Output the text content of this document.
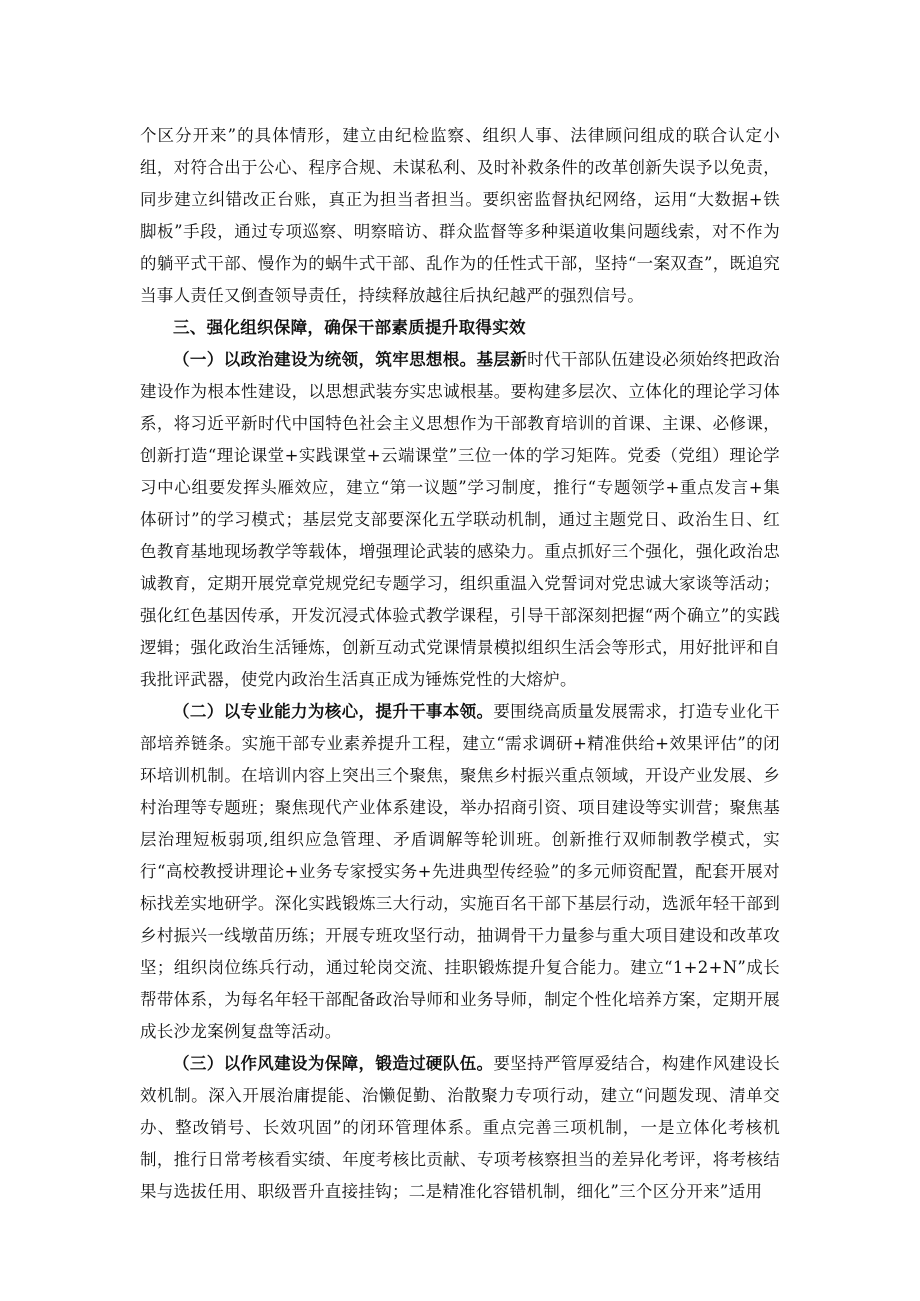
个区分开来”的具体情形，建立由纪检监察、组织人事、法律顾问组成的联合认定小组，对符合出于公心、程序合规、未谋私利、及时补救条件的改革创新失误予以免责，同步建立纠错改正台账，真正为担当者担当。要织密监督执纪网络，运用“大数据+铁脚板”手段，通过专项巡察、明察暗访、群众监督等多种渠道收集问题线索，对不作为的躺平式干部、慢作为的蜗牛式干部、乱作为的任性式干部，坚持“一案双查”，既追究当事人责任又倒查领导责任，持续释放越往后执纪越严的强烈信号。

三、强化组织保障，确保干部素质提升取得实效

（一）以政治建设为统领，筑牢思想根。基层新时代干部队伍建设必须始终把政治建设作为根本性建设，以思想武装夯实忠诚根基。要构建多层次、立体化的理论学习体系，将习近平新时代中国特色社会主义思想作为干部教育培训的首课、主课、必修课，创新打造“理论课堂+实践课堂+云端课堂”三位一体的学习矩阵。党委（党组）理论学习中心组要发挥头雁效应，建立“第一议题”学习制度，推行“专题领学+重点发言+集体研讨”的学习模式；基层党支部要深化五学联动机制，通过主题党日、政治生日、红色教育基地现场教学等载体，增强理论武装的感染力。重点抓好三个强化，强化政治忠诚教育，定期开展党章党规党纪专题学习，组织重温入党誓词对党忠诚大家谈等活动；强化红色基因传承，开发沉浸式体验式教学课程，引导干部深刻把握“两个确立”的实践逻辑；强化政治生活锤炼，创新互动式党课情景模拟组织生活会等形式，用好批评和自我批评武器，使党内政治生活真正成为锤炼党性的大熔炉。

（二）以专业能力为核心，提升干事本领。要围绕高质量发展需求，打造专业化干部培养链条。实施干部专业素养提升工程，建立“需求调研+精准供给+效果评估”的闭环培训机制。在培训内容上突出三个聚焦，聚焦乡村振兴重点领域，开设产业发展、乡村治理等专题班；聚焦现代产业体系建设，举办招商引资、项目建设等实训营；聚焦基层治理短板弱项,组织应急管理、矛盾调解等轮训班。创新推行双师制教学模式，实行“高校教授讲理论+业务专家授实务+先进典型传经验”的多元师资配置，配套开展对标找差实地研学。深化实践锻炼三大行动，实施百名干部下基层行动，选派年轻干部到乡村振兴一线墩苗历练；开展专班攻坚行动，抽调骨干力量参与重大项目建设和改革攻坚；组织岗位练兵行动，通过轮岗交流、挂职锻炼提升复合能力。建立“1+2+N”成长帮带体系，为每名年轻干部配备政治导师和业务导师，制定个性化培养方案，定期开展成长沙龙案例复盘等活动。

（三）以作风建设为保障，锻造过硬队伍。要坚持严管厚爱结合，构建作风建设长效机制。深入开展治庸提能、治懒促勤、治散聚力专项行动，建立“问题发现、清单交办、整改销号、长效巩固”的闭环管理体系。重点完善三项机制，一是立体化考核机制，推行日常考核看实绩、年度考核比贡献、专项考核察担当的差异化考评，将考核结果与选拔任用、职级晋升直接挂钩；二是精准化容错机制，细化”三个区分开来”适用
